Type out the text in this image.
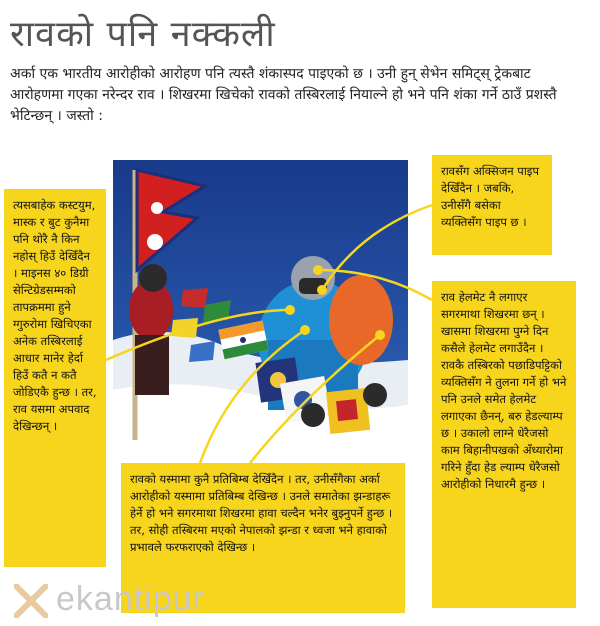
रावको पनि नक्कली
अर्का एक भारतीय आरोहीको आरोहण पनि त्यस्तै शंकास्पद पाइएको छ । उनी हुन् सेभेन समिट्स् ट्रेकबाट आरोहणमा गएका नरेन्दर राव । शिखरमा खिचेको रावको तस्बिरलाई नियाल्ने हो भने पनि शंका गर्ने ठाउँ प्रशस्तै भेटिन्छन् । जस्तो :
त्यसबाहेक कस्टयुम, मास्क र बुट कुनैमा पनि थोरै नै किन नहोस् हिउँ देखिँदैन । माइनस ४० डिग्री सेन्टिग्रेडसम्मको तापक्रममा हुने ग्गुरुरोमा खिचिएका अनेक तस्बिरलाई आधार मानेर हेर्दा हिउँ कतै न कतै जोडिएकै हुन्छ । तर, राव यसमा अपवाद देखिन्छन् ।
रावसँग अक्सिजन पाइप देखिँदैन । जबकि, उनीसँगै बसेका व्यक्तिसँग पाइप छ ।
राव हेलमेट नै लगाएर सगरमाथा शिखरमा छन् । खासमा शिखरमा पुग्ने दिन कसैले हेलमेट लगाउँदैन । रावकै तस्बिरको पछाडिपट्टिको व्यक्तिसँग ने तुलना गर्ने हो भने पनि उनले समेत हेलमेट लगाएका छैनन्, बरु हेडल्याम्प छ । उकालो लाग्ने धेरैजसो काम बिहानीपखको अँध्यारोमा गरिने हुँदा हेड ल्याम्प धेरैजसो आरोहीको निधारमै हुन्छ ।
रावको यस्मामा कुनै प्रतिबिम्ब देखिँदैन । तर, उनीसँगैका अर्का आरोहीको यस्मामा प्रतिबिम्ब देखिन्छ । उनले समातेका झन्डाहरू हेर्ने हो भने सगरमाथा शिखरमा हावा चल्दैन भनेर बुझ्नुपर्ने हुन्छ । तर, सोही तस्बिरमा मएको नेपालको झन्डा र ध्वजा भने हावाको प्रभावले फरफराएको देखिन्छ ।
ekantipur
